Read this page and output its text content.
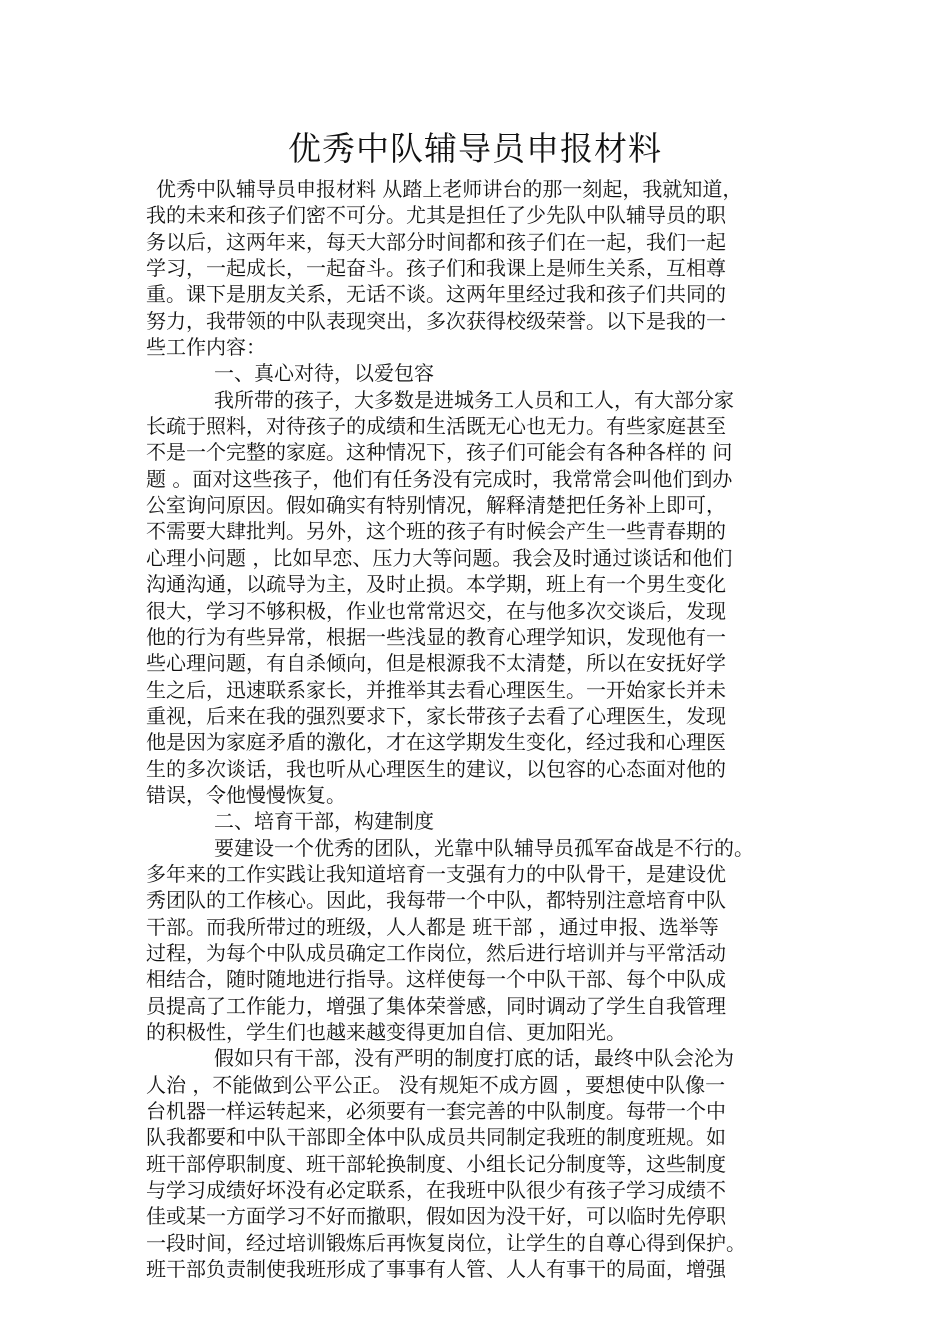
优秀中队辅导员申报材料
优秀中队辅导员申报材料 从踏上老师讲台的那一刻起，我就知道，
我的未来和孩子们密不可分。尤其是担任了少先队中队辅导员的职
务以后，这两年来，每天大部分时间都和孩子们在一起，我们一起
学习，一起成长，一起奋斗。孩子们和我课上是师生关系，互相尊
重。课下是朋友关系，无话不谈。这两年里经过我和孩子们共同的
努力，我带领的中队表现突出，多次获得校级荣誉。以下是我的一
些工作内容：
一、真心对待，以爱包容
我所带的孩子，大多数是进城务工人员和工人，有大部分家
长疏于照料，对待孩子的成绩和生活既无心也无力。有些家庭甚至
不是一个完整的家庭。这种情况下，孩子们可能会有各种各样的 问
题 。面对这些孩子，他们有任务没有完成时，我常常会叫他们到办
公室询问原因。假如确实有特别情况，解释清楚把任务补上即可，
不需要大肆批判。另外，这个班的孩子有时候会产生一些青春期的
心理小问题 ，比如早恋、压力大等问题。我会及时通过谈话和他们
沟通沟通，以疏导为主，及时止损。本学期，班上有一个男生变化
很大，学习不够积极，作业也常常迟交，在与他多次交谈后，发现
他的行为有些异常，根据一些浅显的教育心理学知识，发现他有一
些心理问题，有自杀倾向，但是根源我不太清楚，所以在安抚好学
生之后，迅速联系家长，并推举其去看心理医生。一开始家长并未
重视，后来在我的强烈要求下，家长带孩子去看了心理医生，发现
他是因为家庭矛盾的激化，才在这学期发生变化，经过我和心理医
生的多次谈话，我也听从心理医生的建议，以包容的心态面对他的
错误，令他慢慢恢复。
二、培育干部，构建制度
要建设一个优秀的团队，光靠中队辅导员孤军奋战是不行的。
多年来的工作实践让我知道培育一支强有力的中队骨干，是建设优
秀团队的工作核心。因此，我每带一个中队，都特别注意培育中队
干部。而我所带过的班级，人人都是 班干部 ，通过申报、选举等
过程，为每个中队成员确定工作岗位，然后进行培训并与平常活动
相结合，随时随地进行指导。这样使每一个中队干部、每个中队成
员提高了工作能力，增强了集体荣誉感，同时调动了学生自我管理
的积极性，学生们也越来越变得更加自信、更加阳光。
假如只有干部，没有严明的制度打底的话，最终中队会沦为
人治 ，不能做到公平公正。 没有规矩不成方圆 ，要想使中队像一
台机器一样运转起来，必须要有一套完善的中队制度。每带一个中
队我都要和中队干部即全体中队成员共同制定我班的制度班规。如
班干部停职制度、班干部轮换制度、小组长记分制度等，这些制度
与学习成绩好坏没有必定联系，在我班中队很少有孩子学习成绩不
佳或某一方面学习不好而撤职，假如因为没干好，可以临时先停职
一段时间，经过培训锻炼后再恢复岗位，让学生的自尊心得到保护。
班干部负责制使我班形成了事事有人管、人人有事干的局面，增强
